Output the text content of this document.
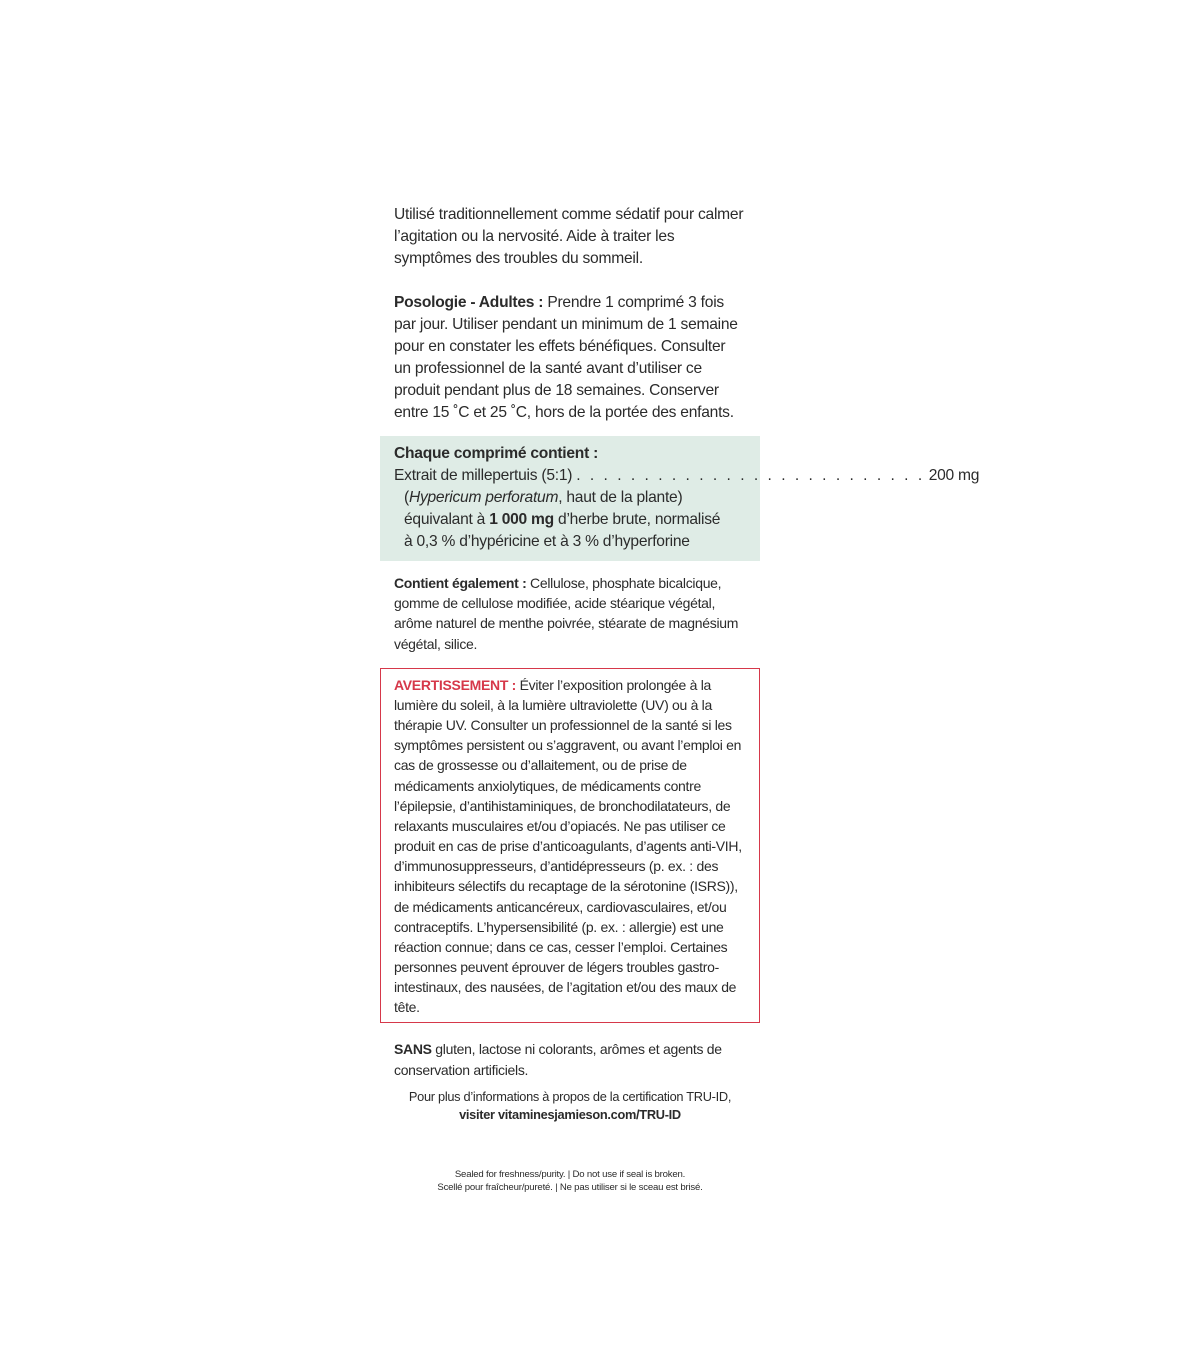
Utilisé traditionnellement comme sédatif pour calmer l’agitation ou la nervosité. Aide à traiter les symptômes des troubles du sommeil.

Posologie - Adultes : Prendre 1 comprimé 3 fois par jour. Utiliser pendant un minimum de 1 semaine pour en constater les effets bénéfiques. Consulter un professionnel de la santé avant d’utiliser ce produit pendant plus de 18 semaines. Conserver entre 15 ˚C et 25 ˚C, hors de la portée des enfants.

Chaque comprimé contient :
Extrait de millepertuis (5:1) . . . . . . . . . . . . . . . . . . . . . . . . . . 200 mg
(Hypericum perforatum, haut de la plante)
équivalant à 1 000 mg d’herbe brute, normalisé
à 0,3 % d’hypéricine et à 3 % d’hyperforine

Contient également : Cellulose, phosphate bicalcique, gomme de cellulose modifiée, acide stéarique végétal, arôme naturel de menthe poivrée, stéarate de magnésium végétal, silice.

AVERTISSEMENT : Éviter l’exposition prolongée à la lumière du soleil, à la lumière ultraviolette (UV) ou à la thérapie UV. Consulter un professionnel de la santé si les symptômes persistent ou s’aggravent, ou avant l’emploi en cas de grossesse ou d’allaitement, ou de prise de médicaments anxiolytiques, de médicaments contre l’épilepsie, d’antihistaminiques, de bronchodilatateurs, de relaxants musculaires et/ou d’opiacés. Ne pas utiliser ce produit en cas de prise d’anticoagulants, d’agents anti-VIH, d’immunosuppresseurs, d’antidépresseurs (p. ex. : des inhibiteurs sélectifs du recaptage de la sérotonine (ISRS)), de médicaments anticancéreux, cardiovasculaires, et/ou contraceptifs. L’hypersensibilité (p. ex. : allergie) est une réaction connue; dans ce cas, cesser l’emploi. Certaines personnes peuvent éprouver de légers troubles gastro-intestinaux, des nausées, de l’agitation et/ou des maux de tête.

SANS gluten, lactose ni colorants, arômes et agents de conservation artificiels.

Pour plus d’informations à propos de la certification TRU-ID,
visiter vitaminesjamieson.com/TRU-ID
Sealed for freshness/purity. | Do not use if seal is broken.
Scellé pour fraîcheur/pureté. | Ne pas utiliser si le sceau est brisé.
